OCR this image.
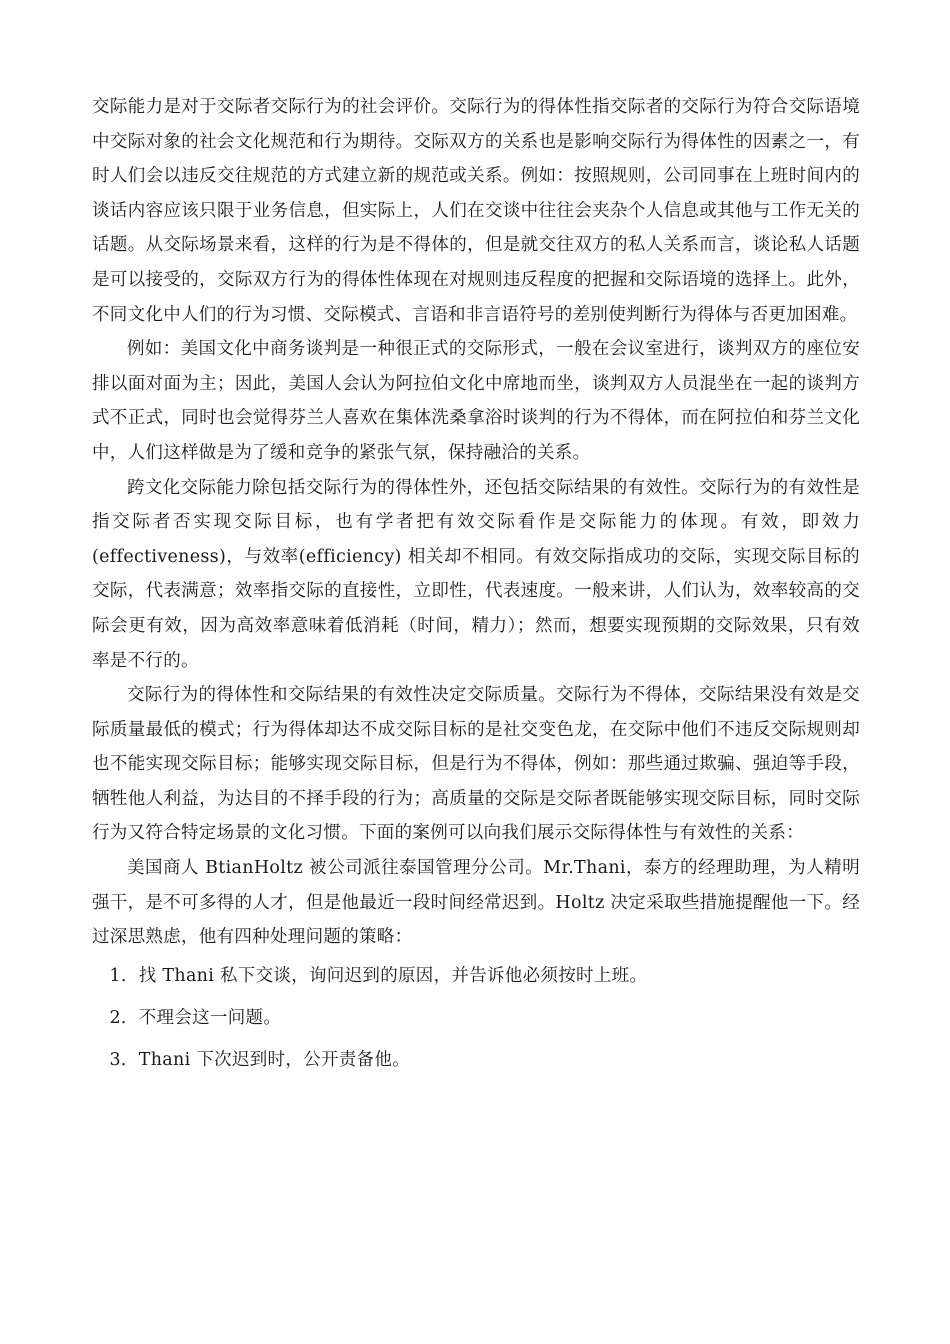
交际能力是对于交际者交际行为的社会评价。交际行为的得体性指交际者的交际行为符合交际语境中交际对象的社会文化规范和行为期待。交际双方的关系也是影响交际行为得体性的因素之一，有时人们会以违反交往规范的方式建立新的规范或关系。例如：按照规则，公司同事在上班时间内的谈话内容应该只限于业务信息，但实际上，人们在交谈中往往会夹杂个人信息或其他与工作无关的话题。从交际场景来看，这样的行为是不得体的，但是就交往双方的私人关系而言，谈论私人话题是可以接受的，交际双方行为的得体性体现在对规则违反程度的把握和交际语境的选择上。此外，不同文化中人们的行为习惯、交际模式、言语和非言语符号的差别使判断行为得体与否更加困难。

例如：美国文化中商务谈判是一种很正式的交际形式，一般在会议室进行，谈判双方的座位安排以面对面为主；因此，美国人会认为阿拉伯文化中席地而坐，谈判双方人员混坐在一起的谈判方式不正式，同时也会觉得芬兰人喜欢在集体洗桑拿浴时谈判的行为不得体，而在阿拉伯和芬兰文化中，人们这样做是为了缓和竞争的紧张气氛，保持融洽的关系。

跨文化交际能力除包括交际行为的得体性外，还包括交际结果的有效性。交际行为的有效性是指交际者否实现交际目标，也有学者把有效交际看作是交际能力的体现。有效，即效力(effectiveness)，与效率(efficiency) 相关却不相同。有效交际指成功的交际，实现交际目标的交际，代表满意；效率指交际的直接性，立即性，代表速度。一般来讲，人们认为，效率较高的交际会更有效，因为高效率意味着低消耗（时间，精力）；然而，想要实现预期的交际效果，只有效率是不行的。

交际行为的得体性和交际结果的有效性决定交际质量。交际行为不得体，交际结果没有效是交际质量最低的模式；行为得体却达不成交际目标的是社交变色龙，在交际中他们不违反交际规则却也不能实现交际目标；能够实现交际目标，但是行为不得体，例如：那些通过欺骗、强迫等手段，牺牲他人利益，为达目的不择手段的行为；高质量的交际是交际者既能够实现交际目标，同时交际行为又符合特定场景的文化习惯。下面的案例可以向我们展示交际得体性与有效性的关系：

美国商人 BtianHoltz 被公司派往泰国管理分公司。Mr.Thani，泰方的经理助理，为人精明强干，是不可多得的人才，但是他最近一段时间经常迟到。Holtz 决定采取些措施提醒他一下。经过深思熟虑，他有四种处理问题的策略：

1．找 Thani 私下交谈，询问迟到的原因，并告诉他必须按时上班。

2．不理会这一问题。

3．Thani 下次迟到时，公开责备他。
